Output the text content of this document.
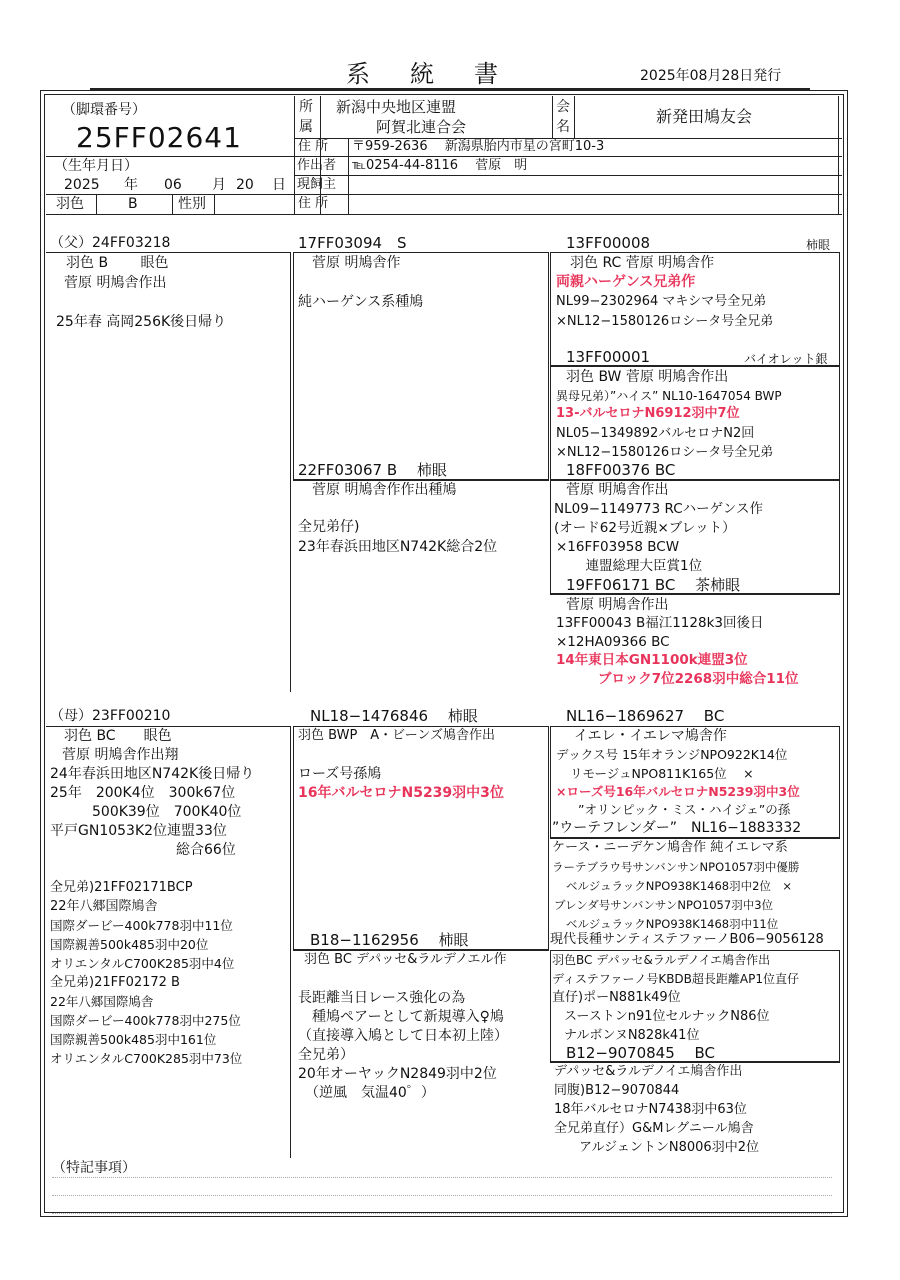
系　統　書	2025年08月28日発行
（脚環番号）
25FF02641
（生年月日）
2025 年 06 月 20 日
羽色	B	性別
所
属
新潟中央地区連盟
阿賀北連合会
会
名
新発田鳩友会
住 所 〒959-2636　 新潟県胎内市星の宮町10-3
作出者 ℡0254-44-8116　 菅原　明
現飼主
住 所
（父）24FF03218
羽色 B　　 眼色
菅原 明鳩舎作出
25年春 高岡256K後日帰り
17FF03094　S
菅原 明鳩舎作
純ハーゲンス系種鳩
22FF03067 B　 柿眼
菅原 明鳩舎作作出種鳩
全兄弟仔)
23年春浜田地区N742K総合2位
13FF00008	柿眼
羽色 RC 菅原 明鳩舎作
両親ハーゲンス兄弟作
NL99−2302964 マキシマ号全兄弟
×NL12−1580126ロシータ号全兄弟
13FF00001	バイオレット銀
羽色 BW 菅原 明鳩舎作出
異母兄弟）”ハイス” NL10-1647054 BWP
13-バルセロナN6912羽中7位
NL05−1349892バルセロナN2回
×NL12−1580126ロシータ号全兄弟
18FF00376 BC
菅原 明鳩舎作出
NL09−1149773 RCハーゲンス作
(オード62号近親×ブレット）
×16FF03958 BCW
　連盟総理大臣賞1位
19FF06171 BC　 茶柿眼
菅原 明鳩舎作出
13FF00043 B福江1128k3回後日
×12HA09366 BC
14年東日本GN1100k連盟3位
ブロック7位2268羽中総合11位
（母）23FF00210
羽色 BC　　眼色
菅原 明鳩舎作出翔
24年春浜田地区N742K後日帰り
25年　200K4位　300k67位
　　　500K39位　700K40位
平戸GN1053K2位連盟33位
　　　　　　　　　総合66位
全兄弟)21FF02171BCP
22年八郷国際鳩舎
国際ダービー400k778羽中11位
国際親善500k485羽中20位
オリエンタルC700K285羽中4位
全兄弟)21FF02172 B
22年八郷国際鳩舎
国際ダービー400k778羽中275位
国際親善500k485羽中161位
オリエンタルC700K285羽中73位
NL18−1476846　 柿眼
羽色 BWP　A・ビーンズ鳩舎作出
ローズ号孫鳩
16年バルセロナN5239羽中3位
B18−1162956　 柿眼
羽色 BC デパッセ&ラルデノエル作
長距離当日レース強化の為
　種鳩ペアーとして新規導入♀鳩
（直接導入鳩として日本初上陸）
全兄弟）
20年オーヤックN2849羽中2位
　（逆風　気温40゜）
NL16−1869627　 BC
イエレ・イエレマ鳩舎作
デックス号 15年オランジNPO922K14位
リモージュNPO811K165位　 ×
×ローズ号16年バルセロナN5239羽中3位
”オリンピック・ミス・ハイジェ”の孫
”ウーテフレンダー”　NL16−1883332
ケース・ニーデケン鳩舎作 純イエレマ系
ラーテブラウ号サンバンサンNPO1057羽中優勝
ベルジュラックNPO938K1468羽中2位　×
ブレンダ号サンバンサンNPO1057羽中3位
ベルジュラックNPO938K1468羽中11位
現代長種サンティステファーノB06−9056128
羽色BC デパッセ&ラルデノイエ鳩舎作出
ディステファーノ号KBDB超長距離AP1位直仔
直仔)ポーN881k49位
スーストンn91位セルナックN86位
ナルボンヌN828k41位
B12−9070845　 BC
デパッセ&ラルデノイエ鳩舎作出
同腹)B12−9070844
18年バルセロナN7438羽中63位
全兄弟直仔）G&Mレグニール鳩舎
　アルジェントンN8006羽中2位
（特記事項）
